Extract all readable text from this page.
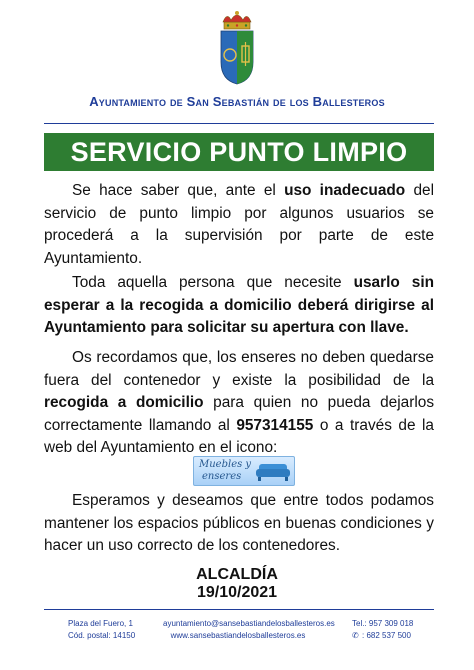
Ayuntamiento de San Sebastián de los Ballesteros
SERVICIO PUNTO LIMPIO
Se hace saber que, ante el uso inadecuado del servicio de punto limpio por algunos usuarios se procederá a la supervisión por parte de este Ayuntamiento.
Toda aquella persona que necesite usarlo sin esperar a la recogida a domicilio deberá dirigirse al Ayuntamiento para solicitar su apertura con llave.
Os recordamos que, los enseres no deben quedarse fuera del contenedor y existe la posibilidad de la recogida a domicilio para quien no pueda dejarlos correctamente llamando al 957314155 o a través de la web del Ayuntamiento en el icono:
Muebles y
enseres
Esperamos y deseamos que entre todos podamos mantener los espacios públicos en buenas condiciones y hacer un uso correcto de los contenedores.
ALCALDÍA
19/10/2021
Plaza del Fuero, 1
Cód. postal: 14150
ayuntamiento@sansebastiandelosballesteros.es
www.sansebastiandelosballesteros.es
Tel.: 957 309 018
✆ : 682 537 500
